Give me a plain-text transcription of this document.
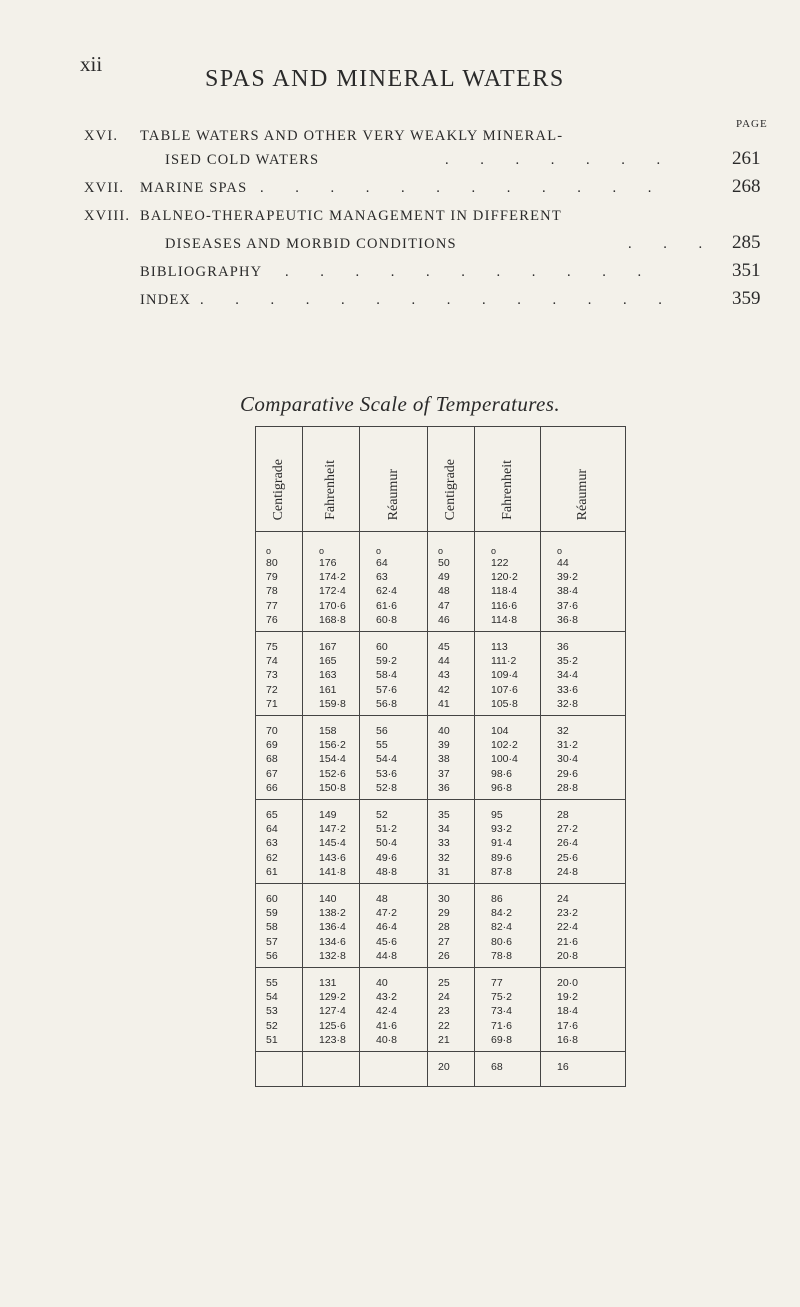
xii
SPAS AND MINERAL WATERS
PAGE
XVI. TABLE WATERS AND OTHER VERY WEAKLY MINERAL-
ISED COLD WATERS	. . . . . . .	261
XVII. MARINE SPAS . . . . . . . . . . . .	268
XVIII. BALNEO-THERAPEUTIC MANAGEMENT IN DIFFERENT
DISEASES AND MORBID CONDITIONS	. . . 285
BIBLIOGRAPHY . . . . . . . . . . .	351
INDEX . . . . . . . . . . . . . .	359
Comparative Scale of Temperatures.
Centigrade	Fahrenheit	Réaumur	Centigrade	Fahrenheit	Réaumur
o	o	o	o	o	o
80	176	64	50	122	44
79	174·2	63	49	120·2	39·2
78	172·4	62·4	48	118·4	38·4
77	170·6	61·6	47	116·6	37·6
76	168·8	60·8	46	114·8	36·8
75	167	60	45	113	36
74	165	59·2	44	111·2	35·2
73	163	58·4	43	109·4	34·4
72	161	57·6	42	107·6	33·6
71	159·8	56·8	41	105·8	32·8
70	158	56	40	104	32
69	156·2	55	39	102·2	31·2
68	154·4	54·4	38	100·4	30·4
67	152·6	53·6	37	98·6	29·6
66	150·8	52·8	36	96·8	28·8
65	149	52	35	95	28
64	147·2	51·2	34	93·2	27·2
63	145·4	50·4	33	91·4	26·4
62	143·6	49·6	32	89·6	25·6
61	141·8	48·8	31	87·8	24·8
60	140	48	30	86	24
59	138·2	47·2	29	84·2	23·2
58	136·4	46·4	28	82·4	22·4
57	134·6	45·6	27	80·6	21·6
56	132·8	44·8	26	78·8	20·8
55	131	40	25	77	20·0
54	129·2	43·2	24	75·2	19·2
53	127·4	42·4	23	73·4	18·4
52	125·6	41·6	22	71·6	17·6
51	123·8	40·8	21	69·8	16·8
			20	68	16
